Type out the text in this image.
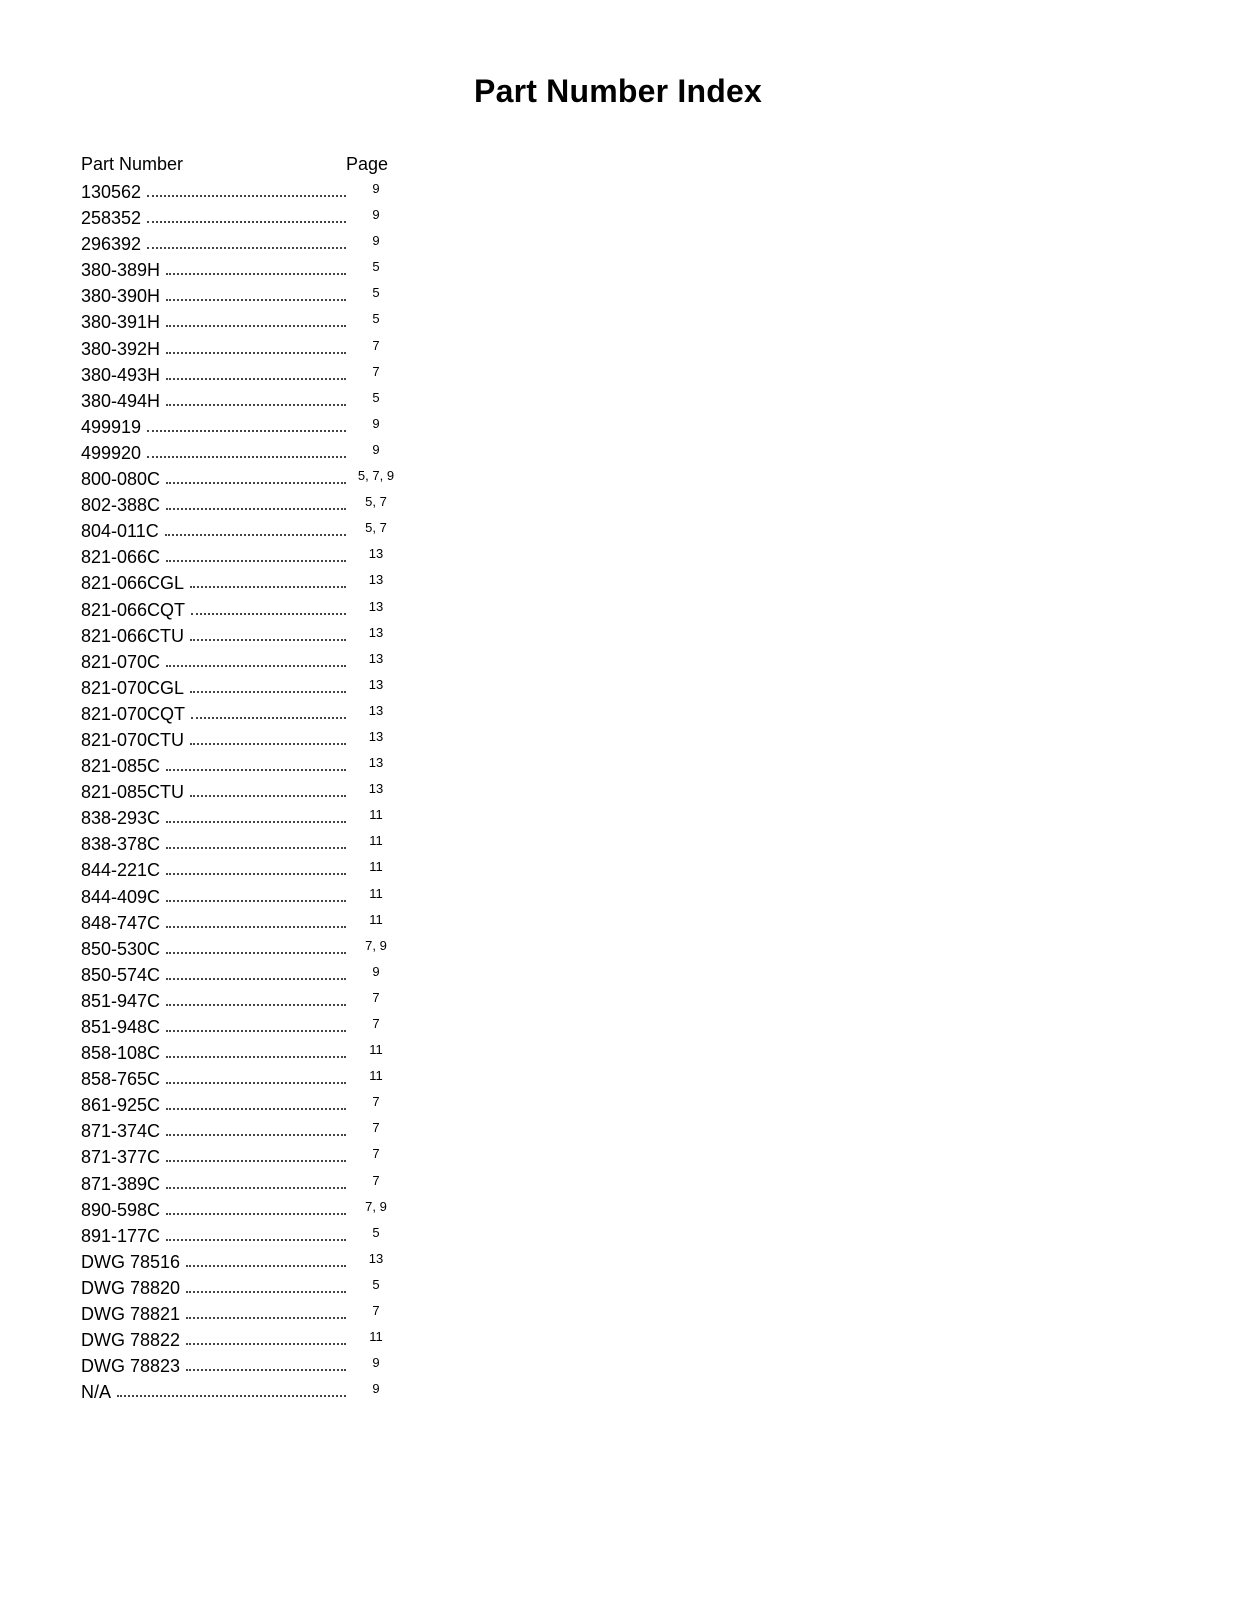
Part Number Index
Part Number	Page
130562	9
258352	9
296392	9
380-389H	5
380-390H	5
380-391H	5
380-392H	7
380-493H	7
380-494H	5
499919	9
499920	9
800-080C	5, 7, 9
802-388C	5, 7
804-011C	5, 7
821-066C	13
821-066CGL	13
821-066CQT	13
821-066CTU	13
821-070C	13
821-070CGL	13
821-070CQT	13
821-070CTU	13
821-085C	13
821-085CTU	13
838-293C	11
838-378C	11
844-221C	11
844-409C	11
848-747C	11
850-530C	7, 9
850-574C	9
851-947C	7
851-948C	7
858-108C	11
858-765C	11
861-925C	7
871-374C	7
871-377C	7
871-389C	7
890-598C	7, 9
891-177C	5
DWG 78516	13
DWG 78820	5
DWG 78821	7
DWG 78822	11
DWG 78823	9
N/A	9
